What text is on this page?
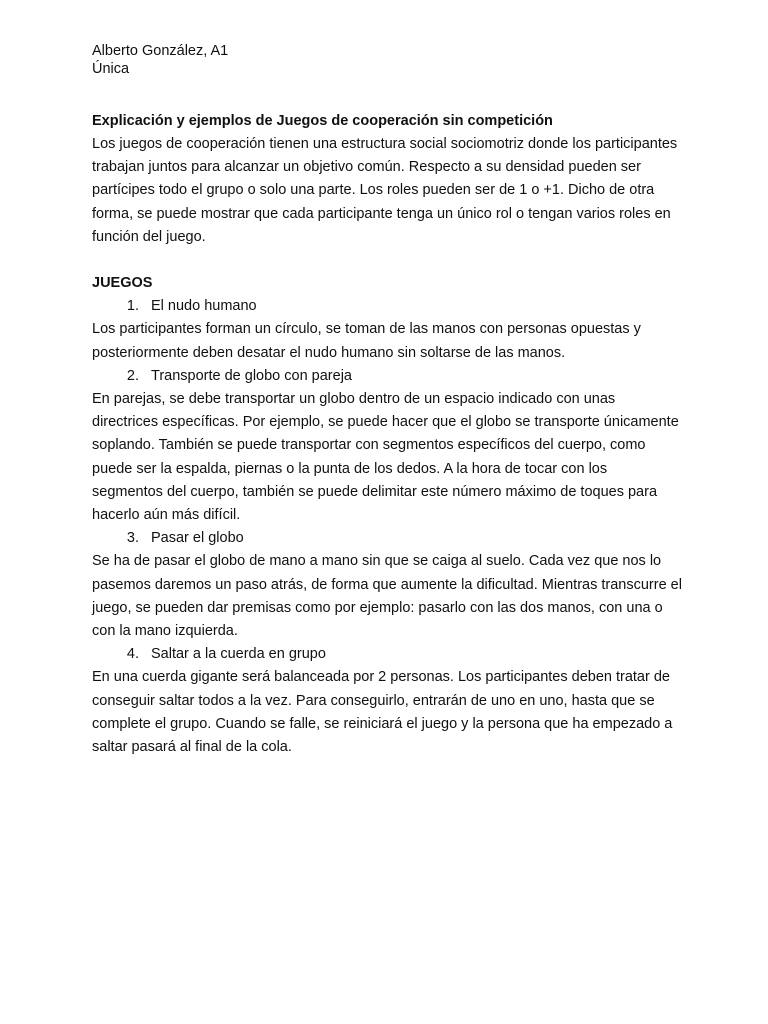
Alberto González, A1

Única

Explicación y ejemplos de Juegos de cooperación sin competición

Los juegos de cooperación tienen una estructura social sociomotriz donde los participantes trabajan juntos para alcanzar un objetivo común. Respecto a su densidad pueden ser partícipes todo el grupo o solo una parte. Los roles pueden ser de 1 o +1. Dicho de otra forma, se puede mostrar que cada participante tenga un único rol o tengan varios roles en función del juego.

JUEGOS

1. El nudo humano

Los participantes forman un círculo, se toman de las manos con personas opuestas y posteriormente deben desatar el nudo humano sin soltarse de las manos.

2. Transporte de globo con pareja

En parejas, se debe transportar un globo dentro de un espacio indicado con unas directrices específicas. Por ejemplo, se puede hacer que el globo se transporte únicamente soplando. También se puede transportar con segmentos específicos del cuerpo, como puede ser la espalda, piernas o la punta de los dedos. A la hora de tocar con los segmentos del cuerpo, también se puede delimitar este número máximo de toques para hacerlo aún más difícil.

3. Pasar el globo

Se ha de pasar el globo de mano a mano sin que se caiga al suelo. Cada vez que nos lo pasemos daremos un paso atrás, de forma que aumente la dificultad. Mientras transcurre el juego, se pueden dar premisas como por ejemplo: pasarlo con las dos manos, con una o con la mano izquierda.

4. Saltar a la cuerda en grupo

En una cuerda gigante será balanceada por 2 personas. Los participantes deben tratar de conseguir saltar todos a la vez. Para conseguirlo, entrarán de uno en uno, hasta que se complete el grupo. Cuando se falle, se reiniciará el juego y la persona que ha empezado a saltar pasará al final de la cola.
